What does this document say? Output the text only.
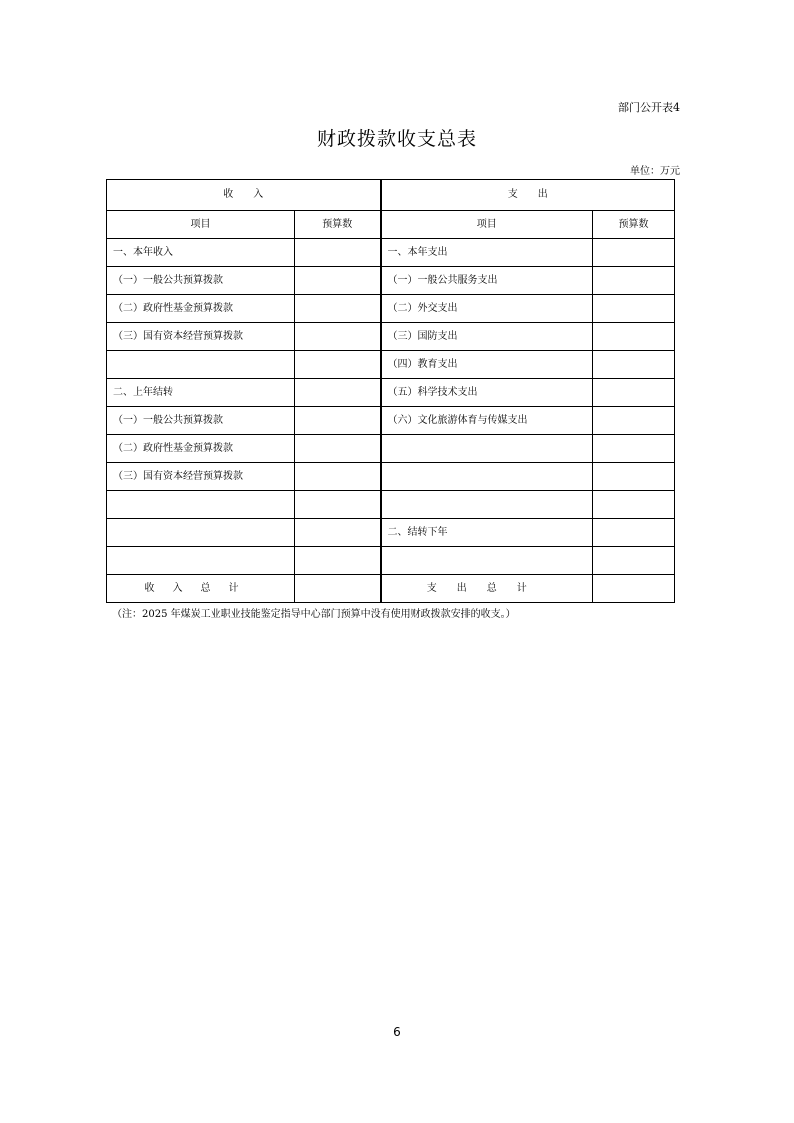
部门公开表4
财政拨款收支总表
单位：万元
收　　入		支　　出	
项目	预算数	项目	预算数
一、本年收入		一、本年支出	
（一）一般公共预算拨款		（一）一般公共服务支出	
（二）政府性基金预算拨款		（二）外交支出	
（三）国有资本经营预算拨款		（三）国防支出	
		（四）教育支出	
二、上年结转		（五）科学技术支出	
（一）一般公共预算拨款		（六）文化旅游体育与传媒支出	
（二）政府性基金预算拨款			
（三）国有资本经营预算拨款			

		二、结转下年	

收入总计		支出总计	
（注：2025 年煤炭工业职业技能鉴定指导中心部门预算中没有使用财政拨款安排的收支。）
6
